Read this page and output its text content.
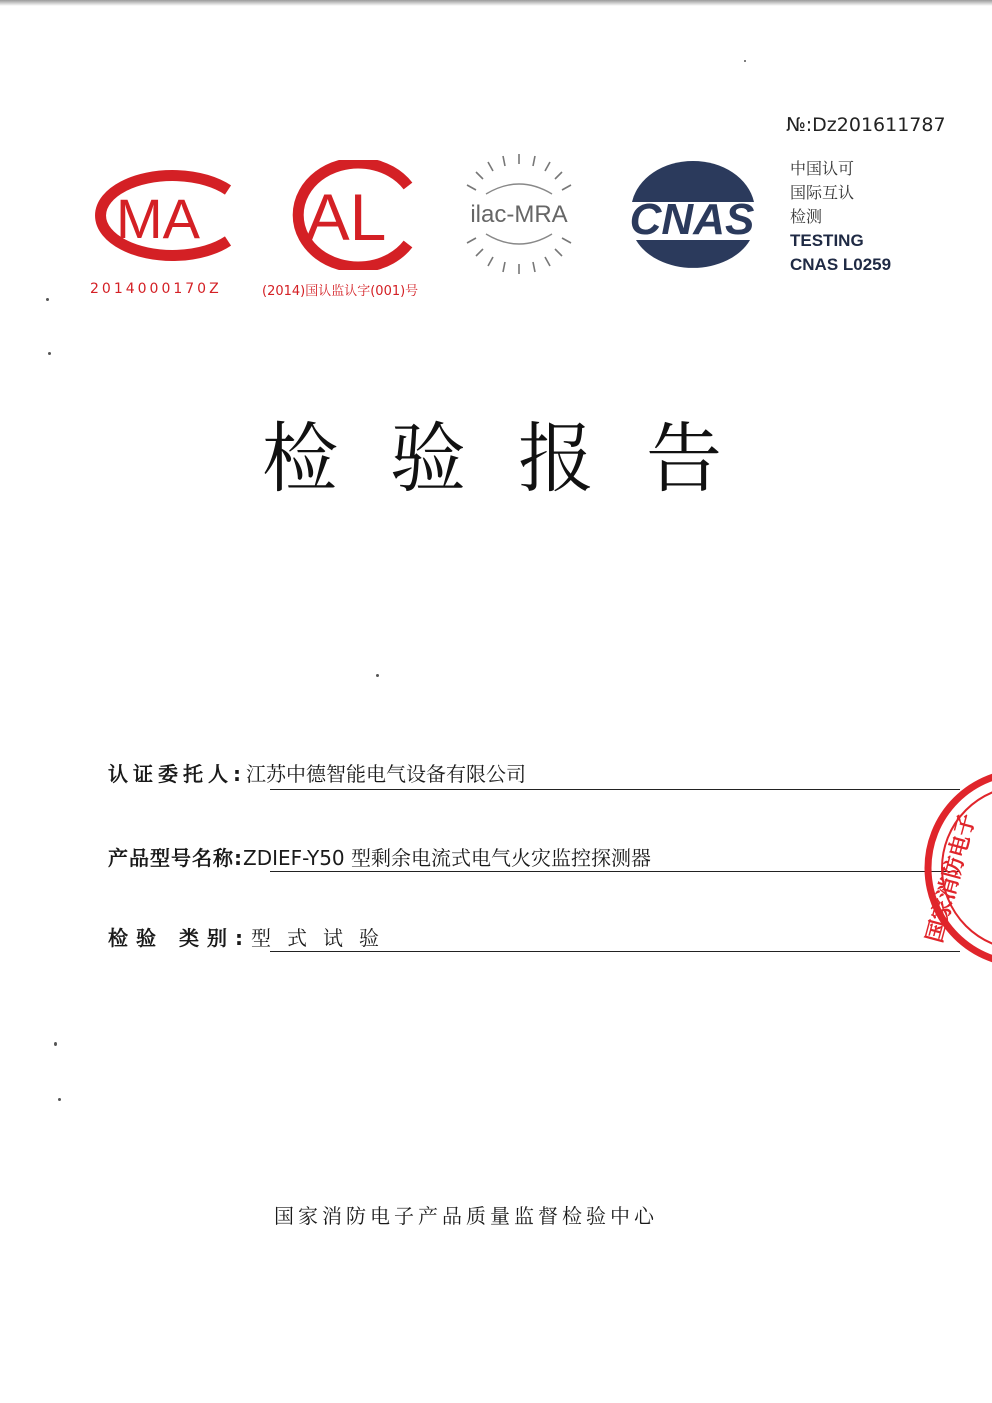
№:Dz201611787
MA
2014000170Z
AL
(2014)国认监认字(001)号
ilac-MRA CNAS
中国认可
国际互认
检测
TESTING
CNAS L0259
检验报告
认证委托人:江苏中德智能电气设备有限公司
产品型号名称:ZDIEF-Y50 型剩余电流式电气火灾监控探测器
检验 类别:型式试验	国家消防电子
国家消防电子产品质量监督检验中心
